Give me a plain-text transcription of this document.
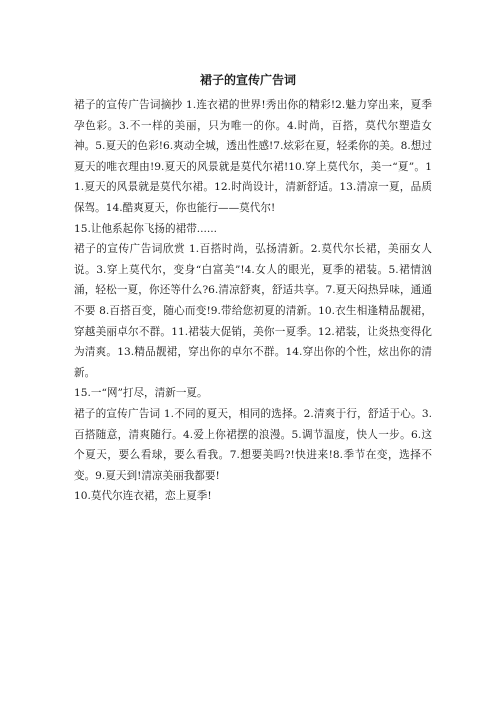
裙子的宣传广告词

裙子的宣传广告词摘抄 1.连衣裙的世界!秀出你的精彩!2.魅力穿出来，夏季孕色彩。3.不一样的美丽，只为唯一的你。4.时尚，百搭，莫代尔塑造女神。5.夏天的色彩!6.爽动全城，透出性感!7.炫彩在夏，轻柔你的美。8.想过夏天的唯衣理由!9.夏天的风景就是莫代尔裙!10.穿上莫代尔，美一“夏”。11.夏天的风景就是莫代尔裙。12.时尚设计，清新舒适。13.清凉一夏，品质保驾。14.酷爽夏天，你也能行——莫代尔!

15.让他系起你飞扬的裙带......

裙子的宣传广告词欣赏 1.百搭时尚，弘扬清新。2.莫代尔长裙，美丽女人说。3.穿上莫代尔，变身“白富美”!4.女人的眼光，夏季的裙装。5.裙情汹涌，轻松一夏，你还等什么?6.清凉舒爽，舒适共享。7.夏天闷热异味，通通不要 8.百搭百变，随心而变!9.带给您初夏的清新。10.衣生相逢精品靓裙，穿越美丽卓尔不群。11.裙装大促销，美你一夏季。12.裙装，让炎热变得化为清爽。13.精品靓裙，穿出你的卓尔不群。14.穿出你的个性，炫出你的清新。

15.一“网”打尽，清新一夏。

裙子的宣传广告词 1.不同的夏天，相同的选择。2.清爽于行，舒适于心。3.百搭随意，清爽随行。4.爱上你裙摆的浪漫。5.调节温度，快人一步。6.这个夏天，要么看球，要么看我。7.想要美吗?!快进来!8.季节在变，选择不变。9.夏天到!清凉美丽我都要!

10.莫代尔连衣裙，恋上夏季!
